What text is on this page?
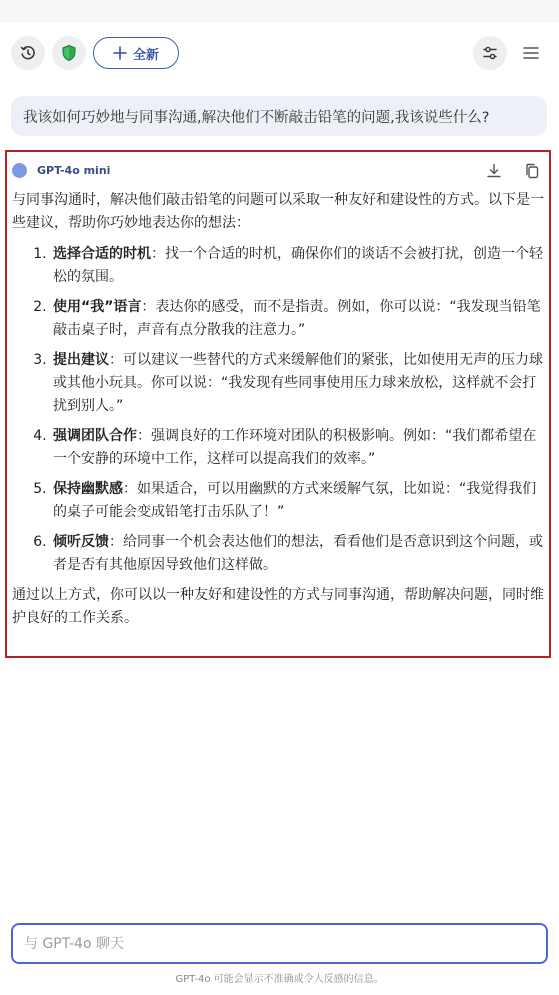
全新
我该如何巧妙地与同事沟通,解决他们不断敲击铅笔的问题,我该说些什么?
GPT-4o mini

与同事沟通时，解决他们敲击铅笔的问题可以采取一种友好和建设性的方式。以下是一些建议，帮助你巧妙地表达你的想法：

1. 选择合适的时机：找一个合适的时机，确保你们的谈话不会被打扰，创造一个轻松的氛围。
2. 使用“我”语言：表达你的感受，而不是指责。例如，你可以说：“我发现当铅笔敲击桌子时，声音有点分散我的注意力。”
3. 提出建议：可以建议一些替代的方式来缓解他们的紧张，比如使用无声的压力球或其他小玩具。你可以说：“我发现有些同事使用压力球来放松，这样就不会打扰到别人。”
4. 强调团队合作：强调良好的工作环境对团队的积极影响。例如：“我们都希望在一个安静的环境中工作，这样可以提高我们的效率。”
5. 保持幽默感：如果适合，可以用幽默的方式来缓解气氛，比如说：“我觉得我们的桌子可能会变成铅笔打击乐队了！”
6. 倾听反馈：给同事一个机会表达他们的想法，看看他们是否意识到这个问题，或者是否有其他原因导致他们这样做。

通过以上方式，你可以以一种友好和建设性的方式与同事沟通，帮助解决问题，同时维护良好的工作关系。

与 GPT-4o 聊天
GPT-4o 可能会显示不准确或令人反感的信息。
